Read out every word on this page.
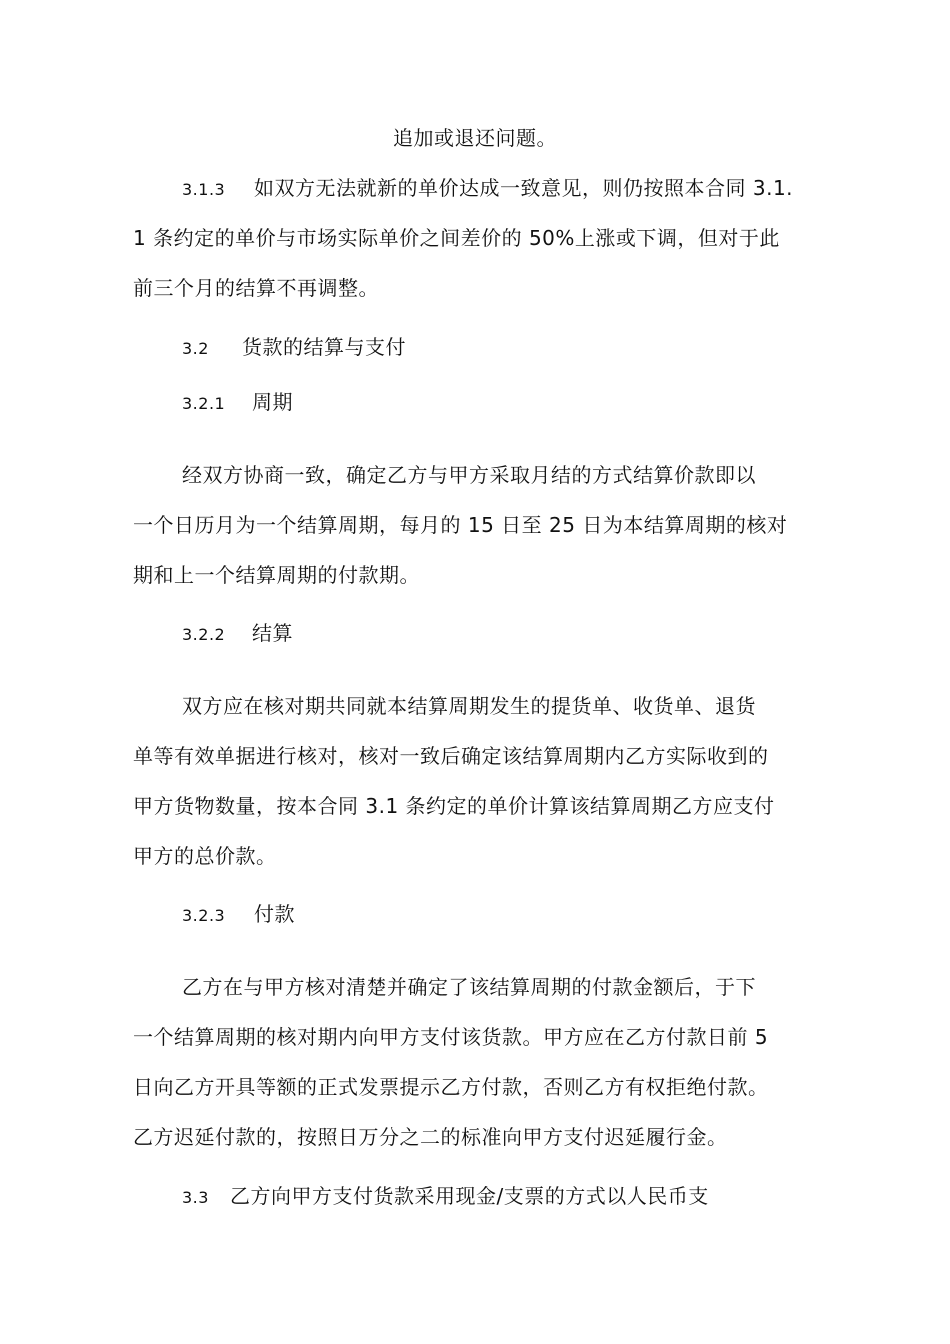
追加或退还问题。
3.1.3 如双方无法就新的单价达成一致意见，则仍按照本合同 3.1.
1 条约定的单价与市场实际单价之间差价的 50%上涨或下调，但对于此
前三个月的结算不再调整。
3.2 货款的结算与支付
3.2.1 周期
经双方协商一致，确定乙方与甲方采取月结的方式结算价款即以
一个日历月为一个结算周期，每月的 15 日至 25 日为本结算周期的核对
期和上一个结算周期的付款期。
3.2.2 结算
双方应在核对期共同就本结算周期发生的提货单、收货单、退货
单等有效单据进行核对，核对一致后确定该结算周期内乙方实际收到的
甲方货物数量，按本合同 3.1 条约定的单价计算该结算周期乙方应支付
甲方的总价款。
3.2.3 付款
乙方在与甲方核对清楚并确定了该结算周期的付款金额后，于下
一个结算周期的核对期内向甲方支付该货款。甲方应在乙方付款日前 5
日向乙方开具等额的正式发票提示乙方付款，否则乙方有权拒绝付款。
乙方迟延付款的，按照日万分之二的标准向甲方支付迟延履行金。
3.3 乙方向甲方支付货款采用现金/支票的方式以人民币支
